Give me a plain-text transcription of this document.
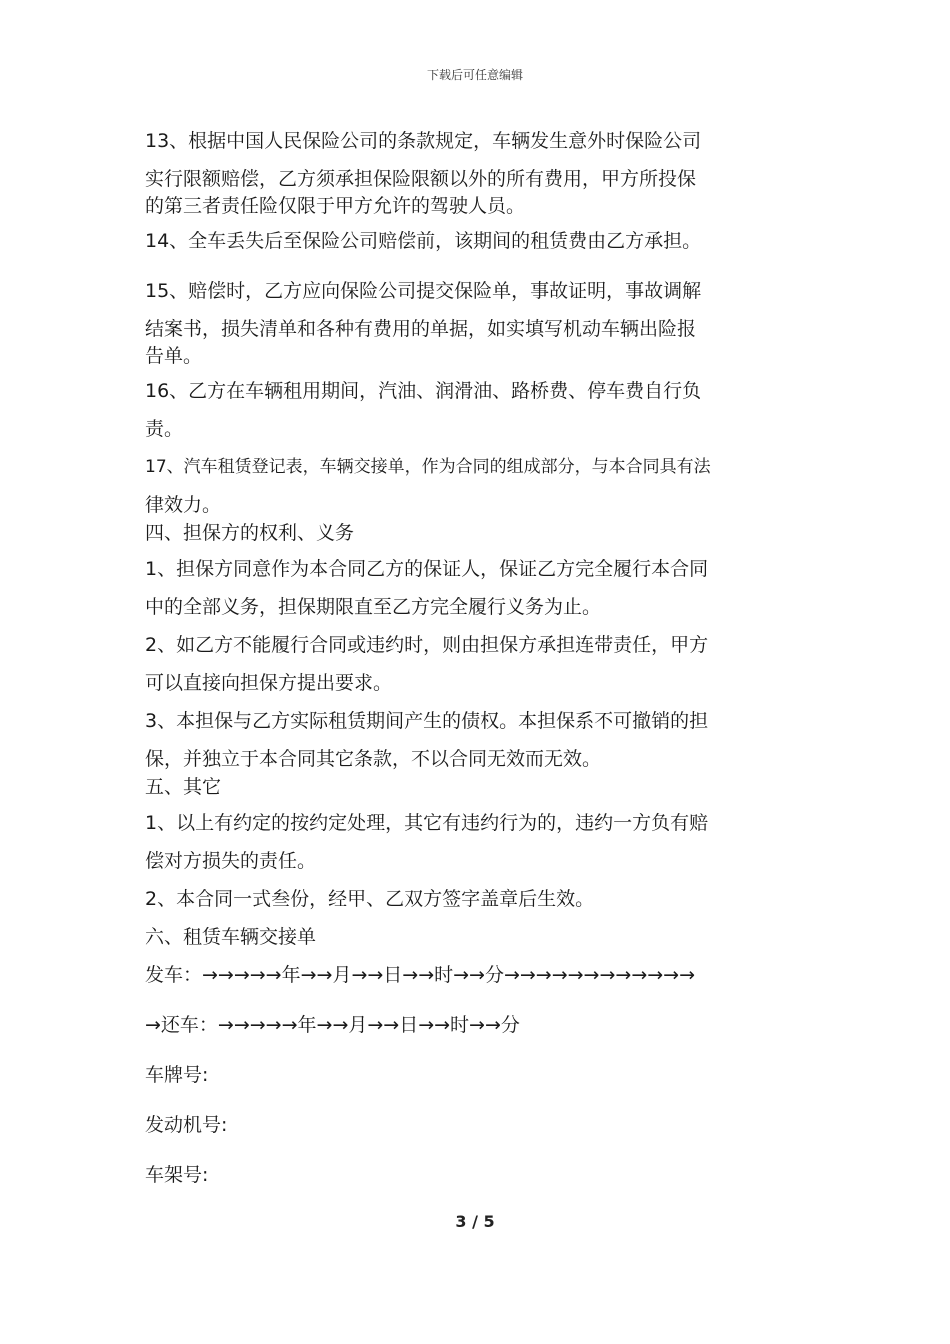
下载后可任意编辑

13、根据中国人民保险公司的条款规定，车辆发生意外时保险公司

实行限额赔偿，乙方须承担保险限额以外的所有费用，甲方所投保

的第三者责任险仅限于甲方允许的驾驶人员。

14、全车丢失后至保险公司赔偿前，该期间的租赁费由乙方承担。

15、赔偿时，乙方应向保险公司提交保险单，事故证明，事故调解

结案书，损失清单和各种有费用的单据，如实填写机动车辆出险报

告单。

16、乙方在车辆租用期间，汽油、润滑油、路桥费、停车费自行负

责。

17、汽车租赁登记表，车辆交接单，作为合同的组成部分，与本合同具有法

律效力。

四、担保方的权利、义务

1、担保方同意作为本合同乙方的保证人，保证乙方完全履行本合同

中的全部义务，担保期限直至乙方完全履行义务为止。

2、如乙方不能履行合同或违约时，则由担保方承担连带责任，甲方

可以直接向担保方提出要求。

3、本担保与乙方实际租赁期间产生的债权。本担保系不可撤销的担

保，并独立于本合同其它条款，不以合同无效而无效。

五、其它

1、以上有约定的按约定处理，其它有违约行为的，违约一方负有赔

偿对方损失的责任。

2、本合同一式叁份，经甲、乙双方签字盖章后生效。

六、租赁车辆交接单

发车：→→→→→年→→月→→日→→时→→分→→→→→→→→→→→→

→还车：→→→→→年→→月→→日→→时→→分

车牌号:

发动机号:

车架号:

3 / 5
